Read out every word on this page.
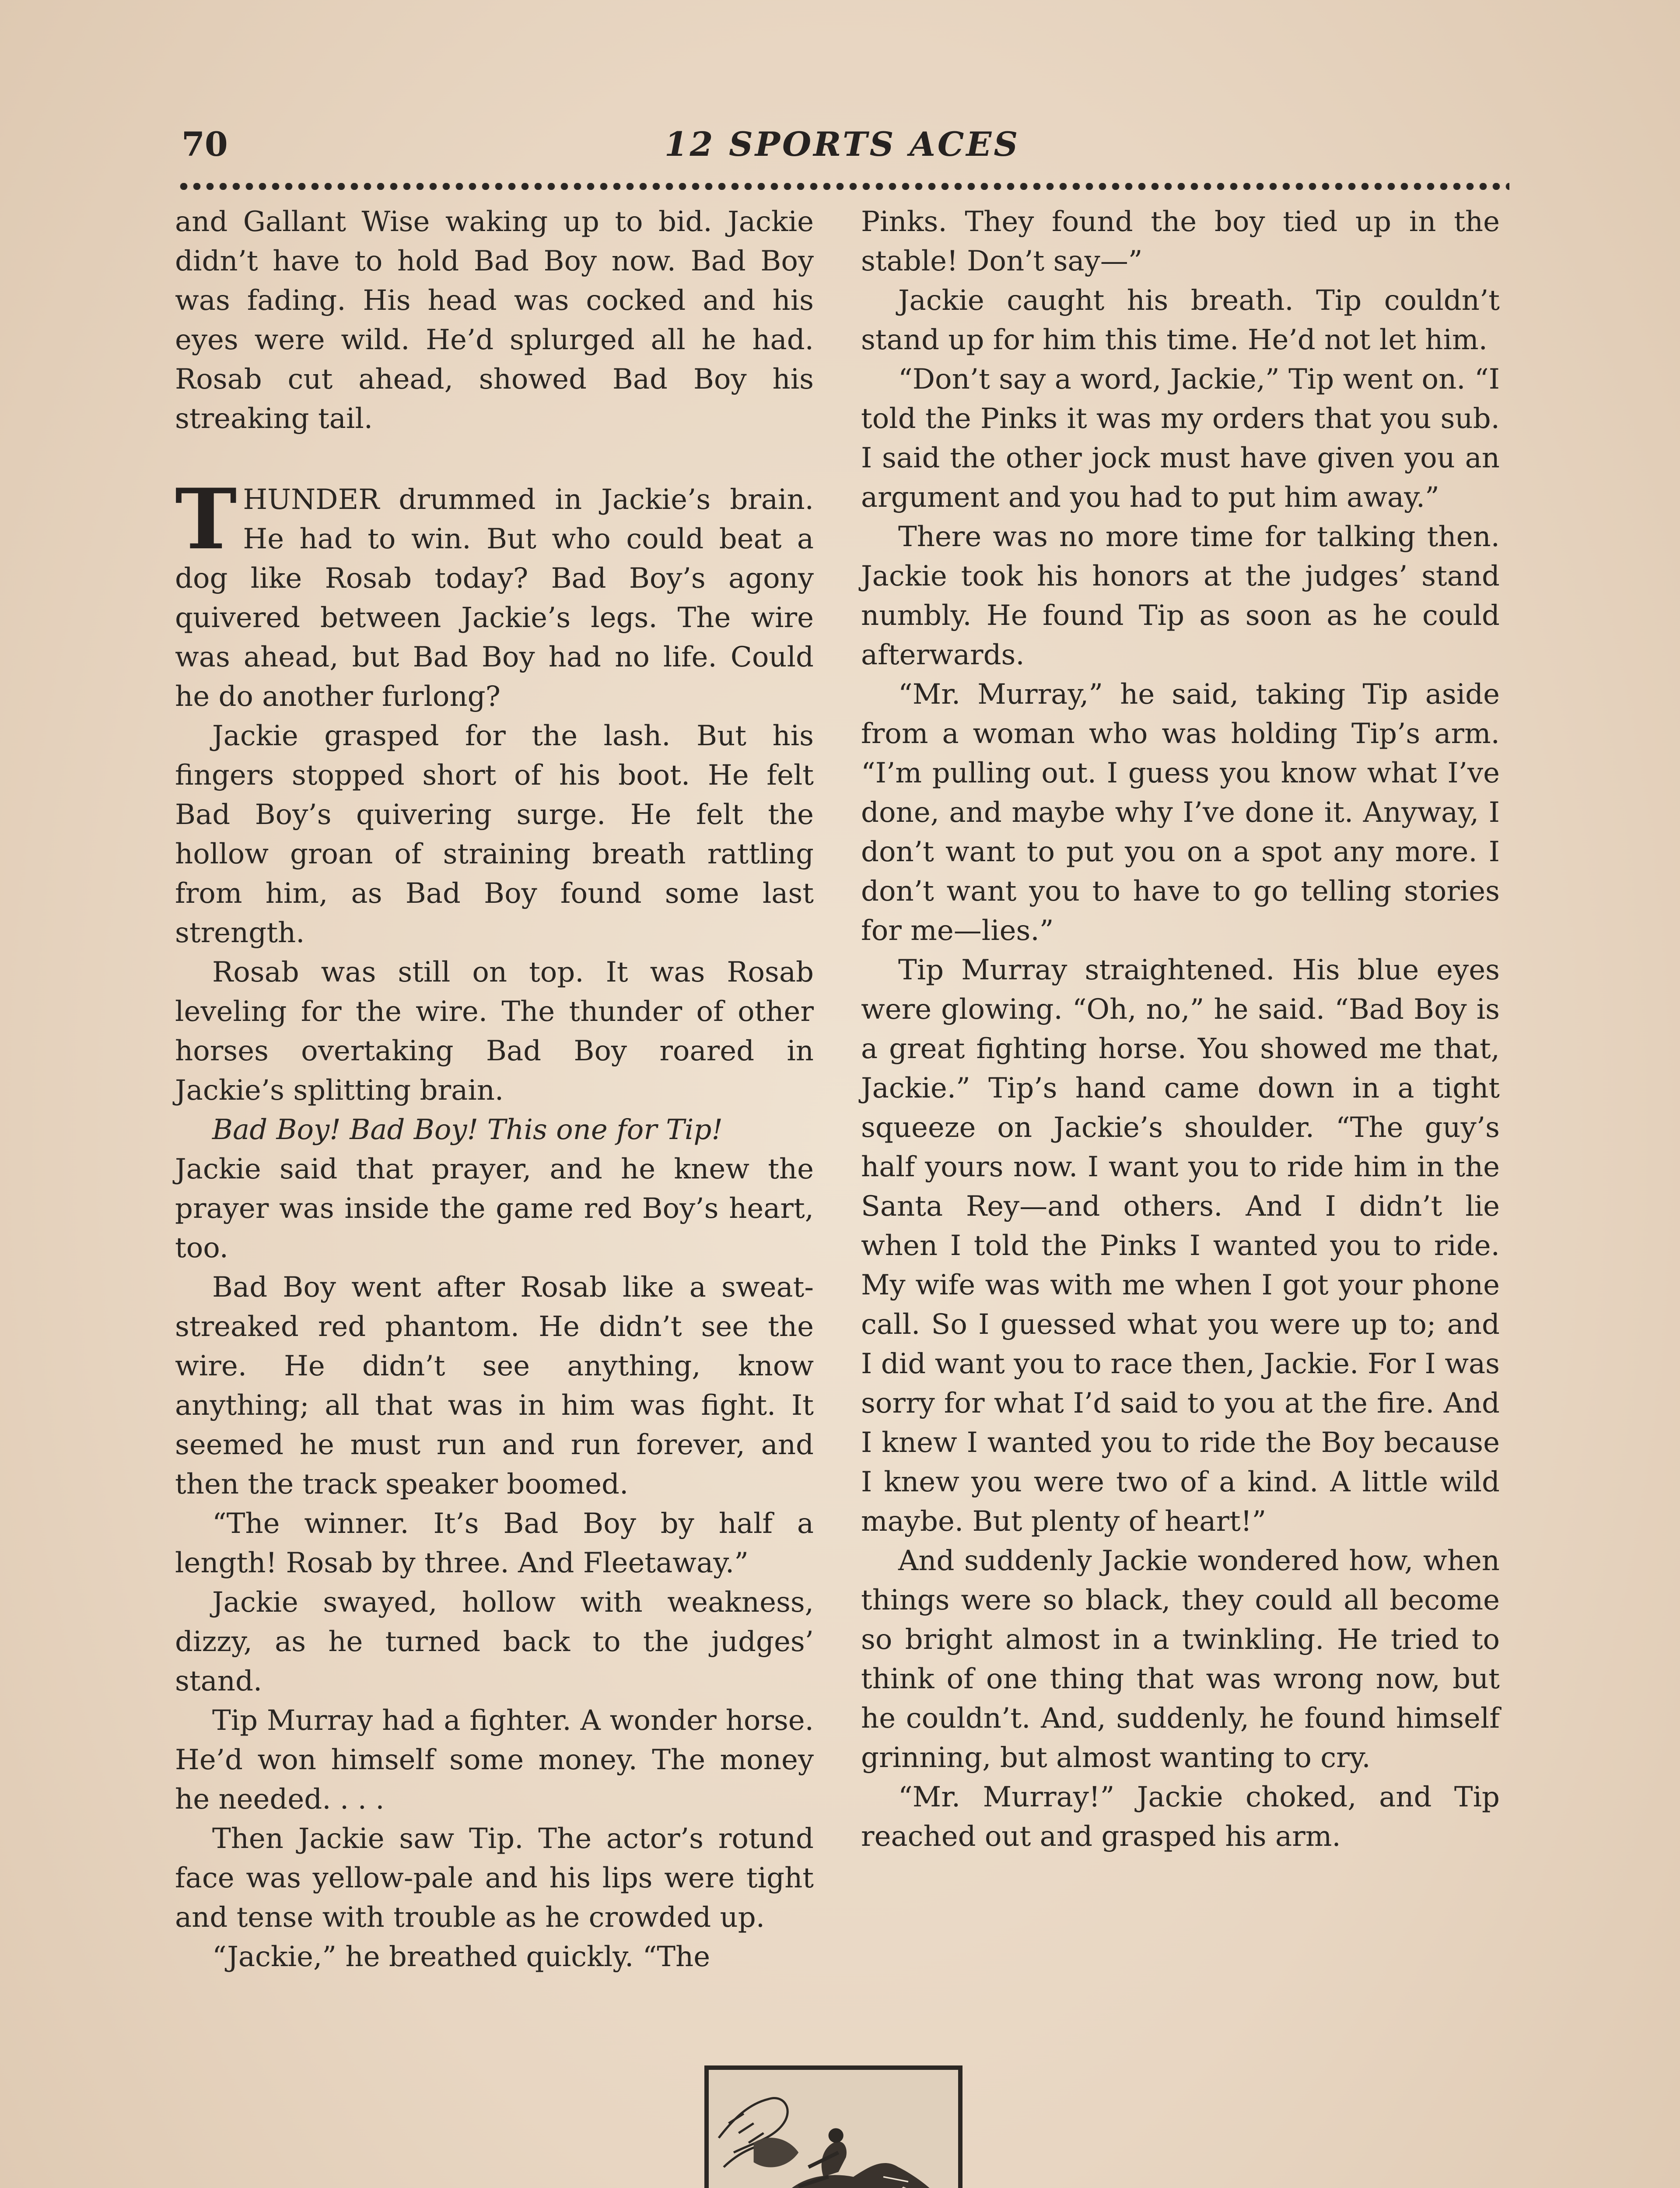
70	12 SPORTS ACES

and Gallant Wise waking up to bid. Jackie didn’t have to hold Bad Boy now. Bad Boy was fading. His head was cocked and his eyes were wild. He’d splurged all he had. Rosab cut ahead, showed Bad Boy his streaking tail.

THUNDER drummed in Jackie’s brain. He had to win. But who could beat a dog like Rosab today? Bad Boy’s agony quivered between Jackie’s legs. The wire was ahead, but Bad Boy had no life. Could he do another furlong?

Jackie grasped for the lash. But his fingers stopped short of his boot. He felt Bad Boy’s quivering surge. He felt the hollow groan of straining breath rattling from him, as Bad Boy found some last strength.

Rosab was still on top. It was Rosab leveling for the wire. The thunder of other horses overtaking Bad Boy roared in Jackie’s splitting brain.

Bad Boy! Bad Boy! This one for Tip!

Jackie said that prayer, and he knew the prayer was inside the game red Boy’s heart, too.

Bad Boy went after Rosab like a sweat-streaked red phantom. He didn’t see the wire. He didn’t see anything, know anything; all that was in him was fight. It seemed he must run and run forever, and then the track speaker boomed.

“The winner. It’s Bad Boy by half a length! Rosab by three. And Fleetaway.”

Jackie swayed, hollow with weakness, dizzy, as he turned back to the judges’ stand.

Tip Murray had a fighter. A wonder horse. He’d won himself some money. The money he needed. . . .

Then Jackie saw Tip. The actor’s rotund face was yellow-pale and his lips were tight and tense with trouble as he crowded up.

“Jackie,” he breathed quickly. “The

Pinks. They found the boy tied up in the stable! Don’t say—”

Jackie caught his breath. Tip couldn’t stand up for him this time. He’d not let him.

“Don’t say a word, Jackie,” Tip went on. “I told the Pinks it was my orders that you sub. I said the other jock must have given you an argument and you had to put him away.”

There was no more time for talking then. Jackie took his honors at the judges’ stand numbly. He found Tip as soon as he could afterwards.

“Mr. Murray,” he said, taking Tip aside from a woman who was holding Tip’s arm. “I’m pulling out. I guess you know what I’ve done, and maybe why I’ve done it. Anyway, I don’t want to put you on a spot any more. I don’t want you to have to go telling stories for me—lies.”

Tip Murray straightened. His blue eyes were glowing. “Oh, no,” he said. “Bad Boy is a great fighting horse. You showed me that, Jackie.” Tip’s hand came down in a tight squeeze on Jackie’s shoulder. “The guy’s half yours now. I want you to ride him in the Santa Rey—and others. And I didn’t lie when I told the Pinks I wanted you to ride. My wife was with me when I got your phone call. So I guessed what you were up to; and I did want you to race then, Jackie. For I was sorry for what I’d said to you at the fire. And I knew I wanted you to ride the Boy because I knew you were two of a kind. A little wild maybe. But plenty of heart!”

And suddenly Jackie wondered how, when things were so black, they could all become so bright almost in a twinkling. He tried to think of one thing that was wrong now, but he couldn’t. And, suddenly, he found himself grinning, but almost wanting to cry.

“Mr. Murray!” Jackie choked, and Tip reached out and grasped his arm.
